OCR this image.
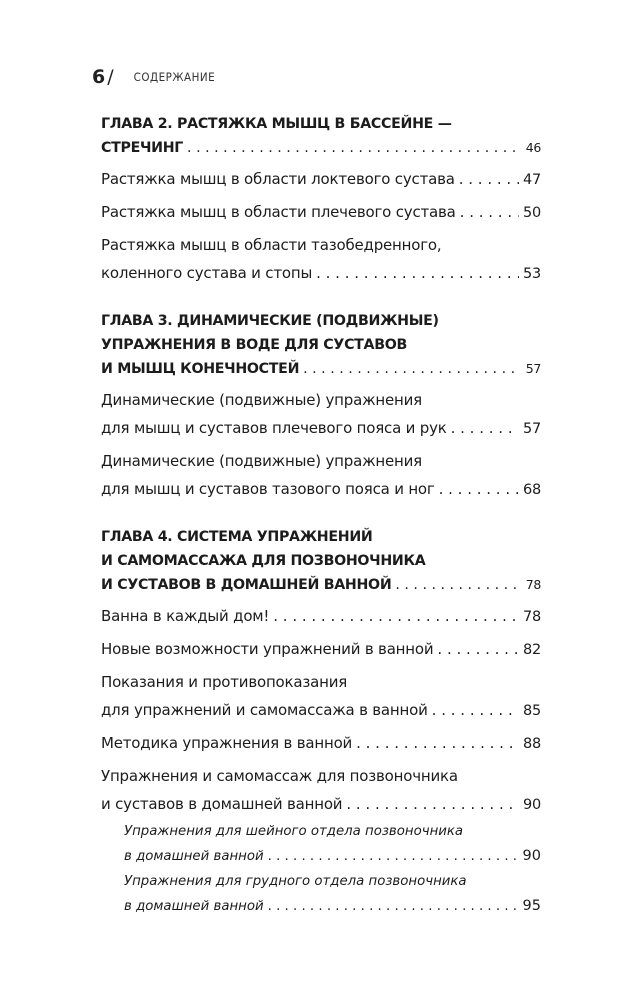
6 / СОДЕРЖАНИЕ
ГЛАВА 2. РАСТЯЖКА МЫШЦ В БАССЕЙНЕ —
СТРЕЧИНГ . . .	46
Растяжка мышц в области локтевого сустава . . .	47
Растяжка мышц в области плечевого сустава . . .	50
Растяжка мышц в области тазобедренного,
коленного сустава и стопы . . .	53
ГЛАВА 3. ДИНАМИЧЕСКИЕ (ПОДВИЖНЫЕ)
УПРАЖНЕНИЯ В ВОДЕ ДЛЯ СУСТАВОВ
И МЫШЦ КОНЕЧНОСТЕЙ . . .	57
Динамические (подвижные) упражнения
для мышц и суставов плечевого пояса и рук . . .	57
Динамические (подвижные) упражнения
для мышц и суставов тазового пояса и ног . . .	68
ГЛАВА 4. СИСТЕМА УПРАЖНЕНИЙ
И САМОМАССАЖА ДЛЯ ПОЗВОНОЧНИКА
И СУСТАВОВ В ДОМАШНЕЙ ВАННОЙ . . .	78
Ванна в каждый дом! . . .	78
Новые возможности упражнений в ванной . . .	82
Показания и противопоказания
для упражнений и самомассажа в ванной . . .	85
Методика упражнения в ванной . . .	88
Упражнения и самомассаж для позвоночника
и суставов в домашней ванной . . .	90
Упражнения для шейного отдела позвоночника
в домашней ванной . . .	90
Упражнения для грудного отдела позвоночника
в домашней ванной . . .	95
